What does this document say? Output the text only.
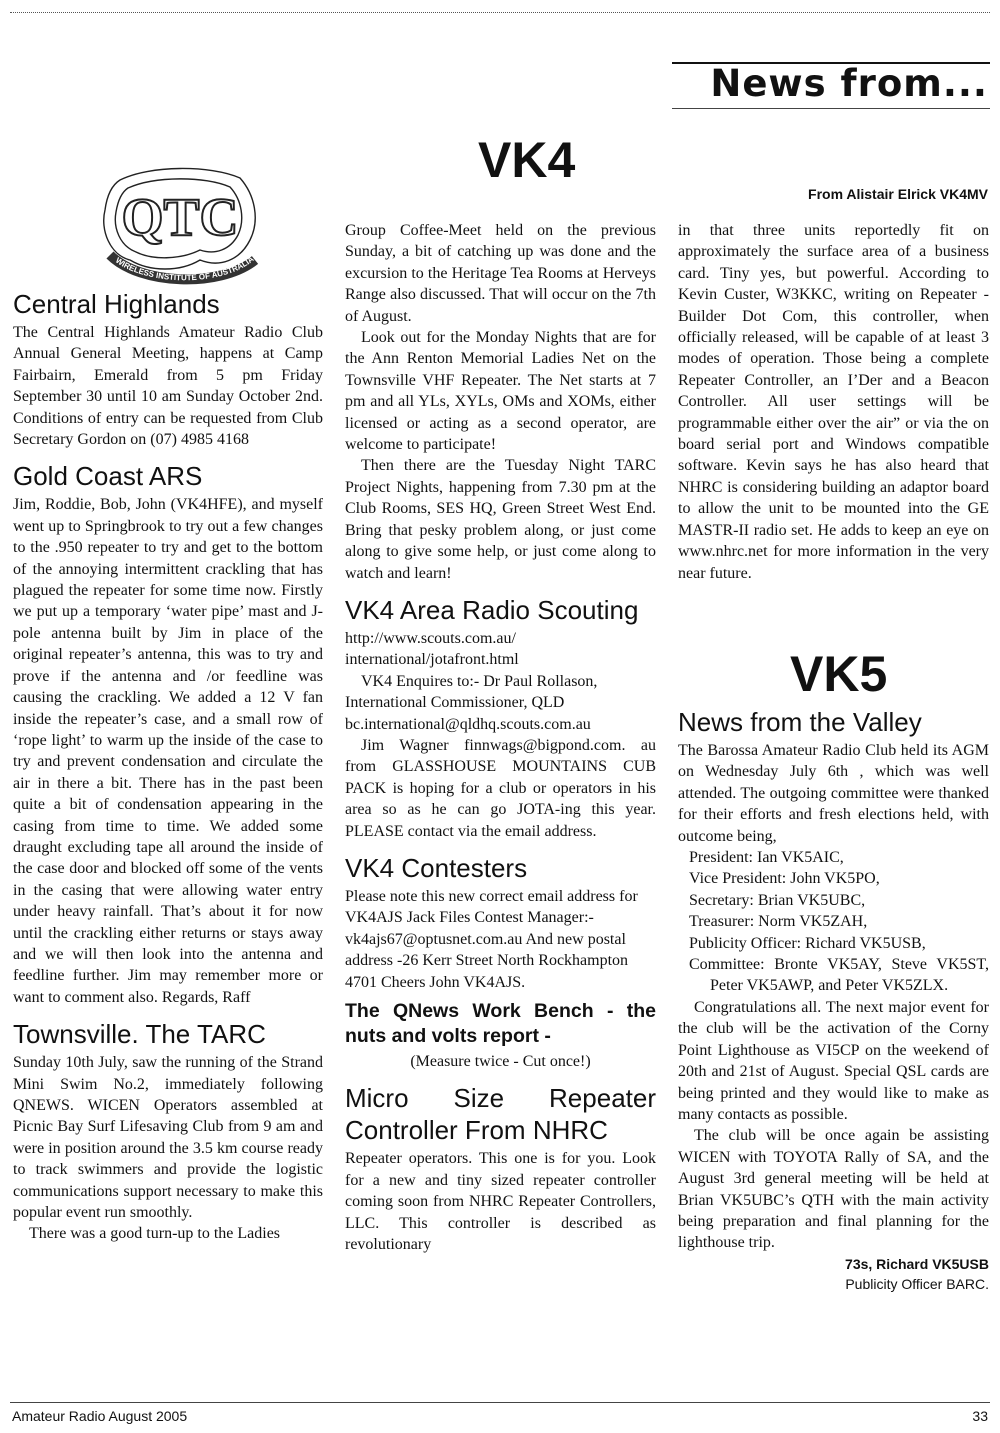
News from...
VK4
From Alistair Elrick VK4MV
QTC
WIRELESS INSTITUTE OF AUSTRALIA
Central Highlands

The Central Highlands Amateur Radio Club Annual General Meeting, happens at Camp Fairbairn, Emerald from 5 pm Friday September 30 until 10 am Sunday October 2nd. Conditions of entry can be requested from Club Secretary Gordon on (07) 4985 4168

Gold Coast ARS

Jim, Roddie, Bob, John (VK4HFE), and myself went up to Springbrook to try out a few changes to the .950 repeater to try and get to the bottom of the annoying intermittent crackling that has plagued the repeater for some time now. Firstly we put up a temporary ‘water pipe’ mast and J-pole antenna built by Jim in place of the original repeater’s antenna, this was to try and prove if the antenna and /or feedline was causing the crackling. We added a 12 V fan inside the repeater’s case, and a small row of ‘rope light’ to warm up the inside of the case to try and prevent condensation and circulate the air in there a bit. There has in the past been quite a bit of condensation appearing in the casing from time to time. We added some draught excluding tape all around the inside of the case door and blocked off some of the vents in the casing that were allowing water entry under heavy rainfall. That’s about it for now until the crackling either returns or stays away and we will then look into the antenna and feedline further. Jim may remember more or want to comment also. Regards, Raff

Townsville. The TARC

Sunday 10th July, saw the running of the Strand Mini Swim No.2, immediately following QNEWS. WICEN Operators assembled at Picnic Bay Surf Lifesaving Club from 9 am and were in position around the 3.5 km course ready to track swimmers and provide the logistic communications support necessary to make this popular event run smoothly.

There was a good turn-up to the Ladies

Group Coffee-Meet held on the previous Sunday, a bit of catching up was done and the excursion to the Heritage Tea Rooms at Herveys Range also discussed. That will occur on the 7th of August.

Look out for the Monday Nights that are for the Ann Renton Memorial Ladies Net on the Townsville VHF Repeater. The Net starts at 7 pm and all YLs, XYLs, OMs and XOMs, either licensed or acting as a second operator, are welcome to participate!

Then there are the Tuesday Night TARC Project Nights, happening from 7.30 pm at the Club Rooms, SES HQ, Green Street West End. Bring that pesky problem along, or just come along to give some help, or just come along to watch and learn!

VK4 Area Radio Scouting

http://www.scouts.com.au/ international/jotafront.html

VK4 Enquires to:- Dr Paul Rollason, International Commissioner, QLD bc.international@qldhq.scouts.com.au

Jim Wagner finnwags@bigpond.com. au from GLASSHOUSE MOUNTAINS CUB PACK is hoping for a club or operators in his area so as he can go JOTA-ing this year. PLEASE contact via the email address.

VK4 Contesters

Please note this new correct email address for VK4AJS Jack Files Contest Manager:- vk4ajs67@optusnet.com.au And new postal address -26 Kerr Street North Rockhampton 4701 Cheers John VK4AJS.

The QNews Work Bench - the nuts and volts report -

(Measure twice - Cut once!)

Micro Size Repeater Controller From NHRC

Repeater operators. This one is for you. Look for a new and tiny sized repeater controller coming soon from NHRC Repeater Controllers, LLC. This controller is described as revolutionary

in that three units reportedly fit on approximately the surface area of a business card. Tiny yes, but powerful. According to Kevin Custer, W3KKC, writing on Repeater - Builder Dot Com, this controller, when officially released, will be capable of at least 3 modes of operation. Those being a complete Repeater Controller, an I’Der and a Beacon Controller. All user settings will be programmable either over the air” or via the on board serial port and Windows compatible software. Kevin says he has also heard that NHRC is considering building an adaptor board to allow the unit to be mounted into the GE MASTR-II radio set. He adds to keep an eye on www.nhrc.net for more information in the very near future.

VK5
News from the Valley

The Barossa Amateur Radio Club held its AGM on Wednesday July 6th , which was well attended. The outgoing committee were thanked for their efforts and fresh elections held, with outcome being,

President: Ian VK5AIC,

Vice President: John VK5PO,

Secretary: Brian VK5UBC,

Treasurer: Norm VK5ZAH,

Publicity Officer: Richard VK5USB,

Committee: Bronte VK5AY, Steve VK5ST, Peter VK5AWP, and Peter VK5ZLX.

Congratulations all. The next major event for the club will be the activation of the Corny Point Lighthouse as VI5CP on the weekend of 20th and 21st of August. Special QSL cards are being printed and they would like to make as many contacts as possible.

The club will be once again be assisting WICEN with TOYOTA Rally of SA, and the August 3rd general meeting will be held at Brian VK5UBC’s QTH with the main activity being preparation and final planning for the lighthouse trip.

73s, Richard VK5USB
Publicity Officer BARC.
Amateur Radio August 2005	33
